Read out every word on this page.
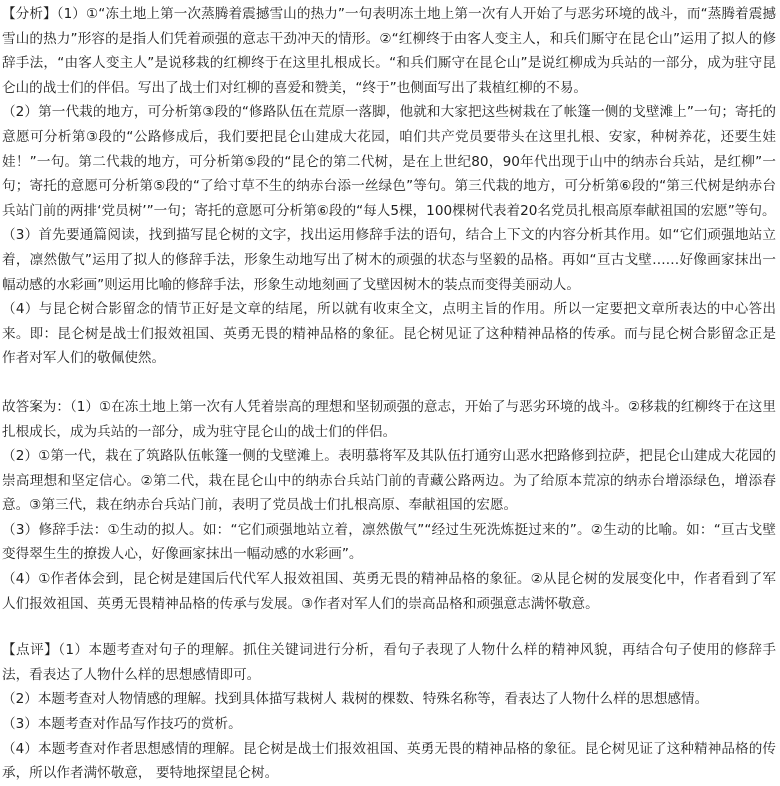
【分析】（1）①“冻土地上第一次蒸腾着震撼雪山的热力”一句表明冻土地上第一次有人开始了与恶劣环境的战斗，而“蒸腾着震撼雪山的热力”形容的是指人们凭着顽强的意志干劲冲天的情形。②“红柳终于由客人变主人，和兵们厮守在昆仑山”运用了拟人的修辞手法，“由客人变主人”是说移栽的红柳终于在这里扎根成长。“和兵们厮守在昆仑山”是说红柳成为兵站的一部分，成为驻守昆仑山的战士们的伴侣。写出了战士们对红柳的喜爱和赞美，“终于”也侧面写出了栽植红柳的不易。

（2）第一代栽的地方，可分析第③段的“修路队伍在荒原一落脚，他就和大家把这些树栽在了帐篷一侧的戈壁滩上”一句；寄托的意愿可分析第③段的“公路修成后，我们要把昆仑山建成大花园，咱们共产党员要带头在这里扎根、安家，种树养花，还要生娃娃！”一句。第二代栽的地方，可分析第⑤段的“昆仑的第二代树，是在上世纪80，90年代出现于山中的纳赤台兵站，是红柳”一句；寄托的意愿可分析第⑤段的“了给寸草不生的纳赤台添一丝绿色”等句。第三代栽的地方，可分析第⑥段的“第三代树是纳赤台兵站门前的两排‘党员树’”一句；寄托的意愿可分析第⑥段的“每人5棵，100棵树代表着20名党员扎根高原奉献祖国的宏愿”等句。

（3）首先要通篇阅读，找到描写昆仑树的文字，找出运用修辞手法的语句，结合上下文的内容分析其作用。如“它们顽强地站立着，凛然傲气”运用了拟人的修辞手法，形象生动地写出了树木的顽强的状态与坚毅的品格。再如“亘古戈壁……好像画家抹出一幅动感的水彩画”则运用比喻的修辞手法，形象生动地刻画了戈壁因树木的装点而变得美丽动人。

（4）与昆仑树合影留念的情节正好是文章的结尾，所以就有收束全文，点明主旨的作用。所以一定要把文章所表达的中心答出来。即：昆仑树是战士们报效祖国、英勇无畏的精神品格的象征。昆仑树见证了这种精神品格的传承。而与昆仑树合影留念正是作者对军人们的敬佩使然。

故答案为：（1）①在冻土地上第一次有人凭着崇高的理想和坚韧顽强的意志，开始了与恶劣环境的战斗。②移栽的红柳终于在这里扎根成长，成为兵站的一部分，成为驻守昆仑山的战士们的伴侣。

（2）①第一代，栽在了筑路队伍帐篷一侧的戈壁滩上。表明慕将军及其队伍打通穷山恶水把路修到拉萨，把昆仑山建成大花园的崇高理想和坚定信心。②第二代，栽在昆仑山中的纳赤台兵站门前的青藏公路两边。为了给原本荒凉的纳赤台增添绿色，增添春意。③第三代，栽在纳赤台兵站门前，表明了党员战士们扎根高原、奉献祖国的宏愿。

（3）修辞手法：①生动的拟人。如：“它们顽强地站立着，凛然傲气”“经过生死洗炼挺过来的”。②生动的比喻。如：“亘古戈壁变得翠生生的撩拨人心，好像画家抹出一幅动感的水彩画”。

（4）①作者体会到，昆仑树是建国后代代军人报效祖国、英勇无畏的精神品格的象征。②从昆仑树的发展变化中，作者看到了军人们报效祖国、英勇无畏精神品格的传承与发展。③作者对军人们的崇高品格和顽强意志满怀敬意。

【点评】（1）本题考查对句子的理解。抓住关键词进行分析，看句子表现了人物什么样的精神风貌，再结合句子使用的修辞手法，看表达了人物什么样的思想感情即可。

（2）本题考查对人物情感的理解。找到具体描写栽树人 栽树的棵数、特殊名称等，看表达了人物什么样的思想感情。

（3）本题考查对作品写作技巧的赏析。

（4）本题考查对作者思想感情的理解。昆仑树是战士们报效祖国、英勇无畏的精神品格的象征。昆仑树见证了这种精神品格的传承，所以作者满怀敬意， 要特地探望昆仑树。
